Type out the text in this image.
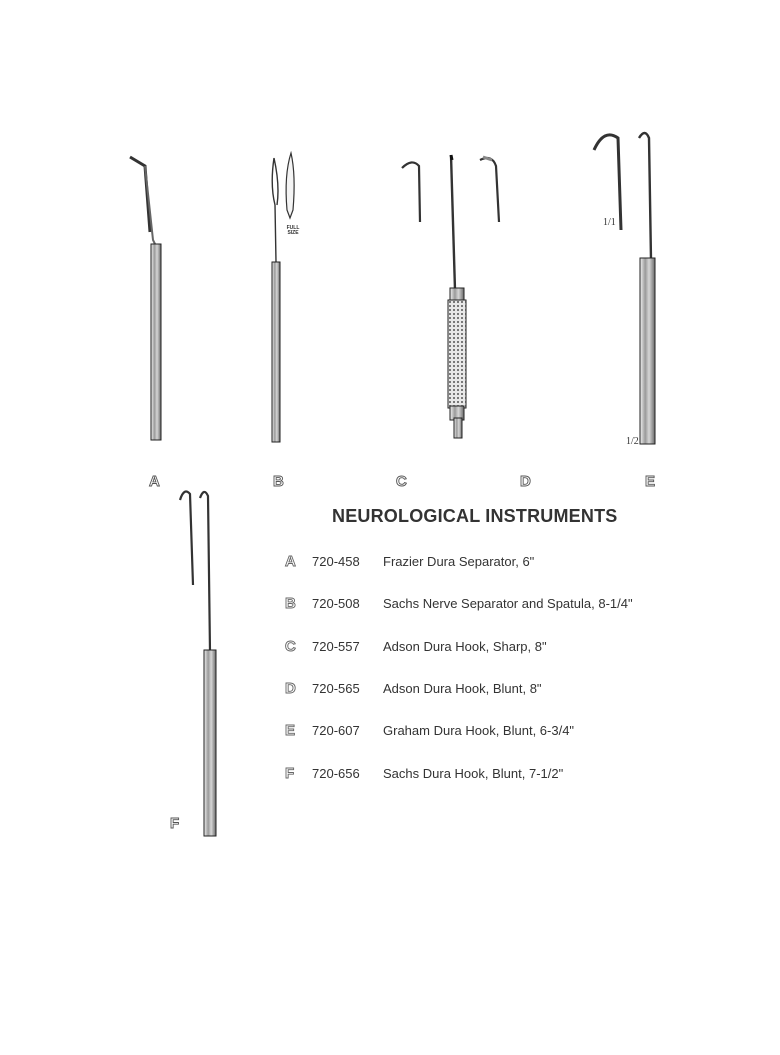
FULL
SIZE
1/1
1/2
A	B	C	D	E
F
NEUROLOGICAL INSTRUMENTS
A 720-458 Frazier Dura Separator, 6"
B 720-508 Sachs Nerve Separator and Spatula, 8-1/4"
C 720-557 Adson Dura Hook, Sharp, 8"
D 720-565 Adson Dura Hook, Blunt, 8"
E 720-607 Graham Dura Hook, Blunt, 6-3/4"
F 720-656 Sachs Dura Hook, Blunt, 7-1/2"
